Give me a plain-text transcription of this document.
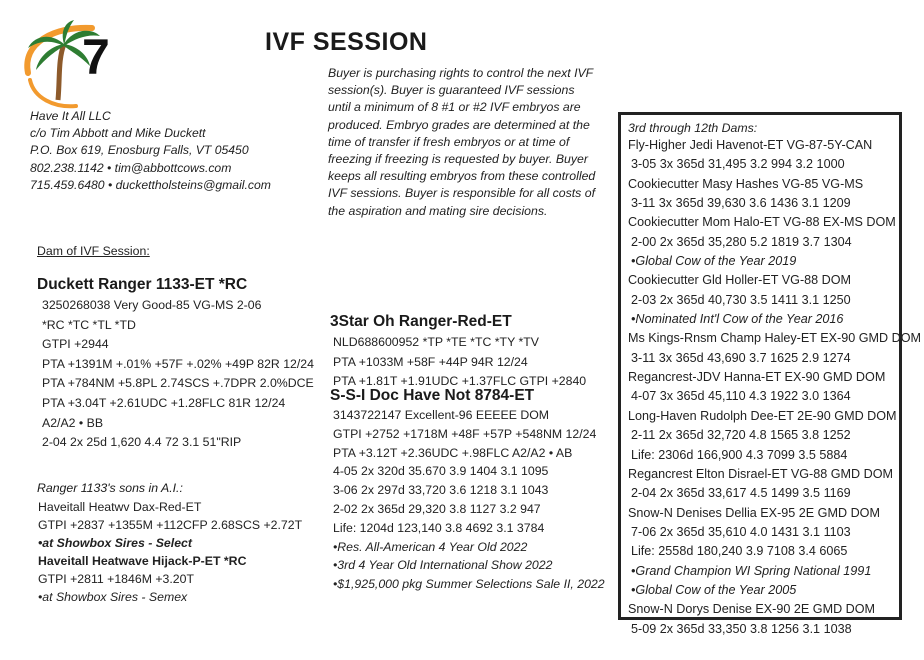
7	IVF SESSION
Buyer is purchasing rights to control the next IVF
session(s). Buyer is guaranteed IVF sessions
until a minimum of 8 #1 or #2 IVF embryos are
produced. Embryo grades are determined at the
time of transfer if fresh embryos or at time of
freezing if freezing is requested by buyer. Buyer
keeps all resulting embryos from these controlled
IVF sessions. Buyer is responsible for all costs of
the aspiration and mating sire decisions.
Have It All LLC
c/o Tim Abbott and Mike Duckett
P.O. Box 619, Enosburg Falls, VT 05450
802.238.1142 • tim@abbottcows.com
715.459.6480 • duckettholsteins@gmail.com
Dam of IVF Session:
Duckett Ranger 1133-ET *RC
3250268038 Very Good-85 VG-MS 2-06
*RC *TC *TL *TD
GTPI +2944
PTA +1391M +.01% +57F +.02% +49P 82R 12/24
PTA +784NM +5.8PL 2.74SCS +.7DPR 2.0%DCE
PTA +3.04T +2.61UDC +1.28FLC 81R 12/24
A2/A2 • BB
2-04 2x 25d 1,620 4.4 72 3.1 51"RIP
Ranger 1133's sons in A.I.:
Haveitall Heatwv Dax-Red-ET
GTPI +2837 +1355M +112CFP 2.68SCS +2.72T
•at Showbox Sires - Select
Haveitall Heatwave Hijack-P-ET *RC
GTPI +2811 +1846M +3.20T
•at Showbox Sires - Semex
3Star Oh Ranger-Red-ET
NLD688600952 *TP *TE *TC *TY *TV
PTA +1033M +58F +44P 94R 12/24
PTA +1.81T +1.91UDC +1.37FLC GTPI +2840
S-S-I Doc Have Not 8784-ET
3143722147 Excellent-96 EEEEE DOM
GTPI +2752 +1718M +48F +57P +548NM 12/24
PTA +3.12T +2.36UDC +.98FLC A2/A2 • AB
4-05 2x 320d 35.670 3.9 1404 3.1 1095
3-06 2x 297d 33,720 3.6 1218 3.1 1043
2-02 2x 365d 29,320 3.8 1127 3.2 947
Life: 1204d 123,140 3.8 4692 3.1 3784
•Res. All-American 4 Year Old 2022
•3rd 4 Year Old International Show 2022
•$1,925,000 pkg Summer Selections Sale II, 2022
3rd through 12th Dams:
Fly-Higher Jedi Havenot-ET VG-87-5Y-CAN
3-05 3x 365d 31,495 3.2 994 3.2 1000
Cookiecutter Masy Hashes VG-85 VG-MS
3-11 3x 365d 39,630 3.6 1436 3.1 1209
Cookiecutter Mom Halo-ET VG-88 EX-MS DOM
2-00 2x 365d 35,280 5.2 1819 3.7 1304
•Global Cow of the Year 2019
Cookiecutter Gld Holler-ET VG-88 DOM
2-03 2x 365d 40,730 3.5 1411 3.1 1250
•Nominated Int'l Cow of the Year 2016
Ms Kings-Rnsm Champ Haley-ET EX-90 GMD DOM
3-11 3x 365d 43,690 3.7 1625 2.9 1274
Regancrest-JDV Hanna-ET EX-90 GMD DOM
4-07 3x 365d 45,110 4.3 1922 3.0 1364
Long-Haven Rudolph Dee-ET 2E-90 GMD DOM
2-11 2x 365d 32,720 4.8 1565 3.8 1252
Life: 2306d 166,900 4.3 7099 3.5 5884
Regancrest Elton Disrael-ET VG-88 GMD DOM
2-04 2x 365d 33,617 4.5 1499 3.5 1169
Snow-N Denises Dellia EX-95 2E GMD DOM
7-06 2x 365d 35,610 4.0 1431 3.1 1103
Life: 2558d 180,240 3.9 7108 3.4 6065
•Grand Champion WI Spring National 1991
•Global Cow of the Year 2005
Snow-N Dorys Denise EX-90 2E GMD DOM
5-09 2x 365d 33,350 3.8 1256 3.1 1038
